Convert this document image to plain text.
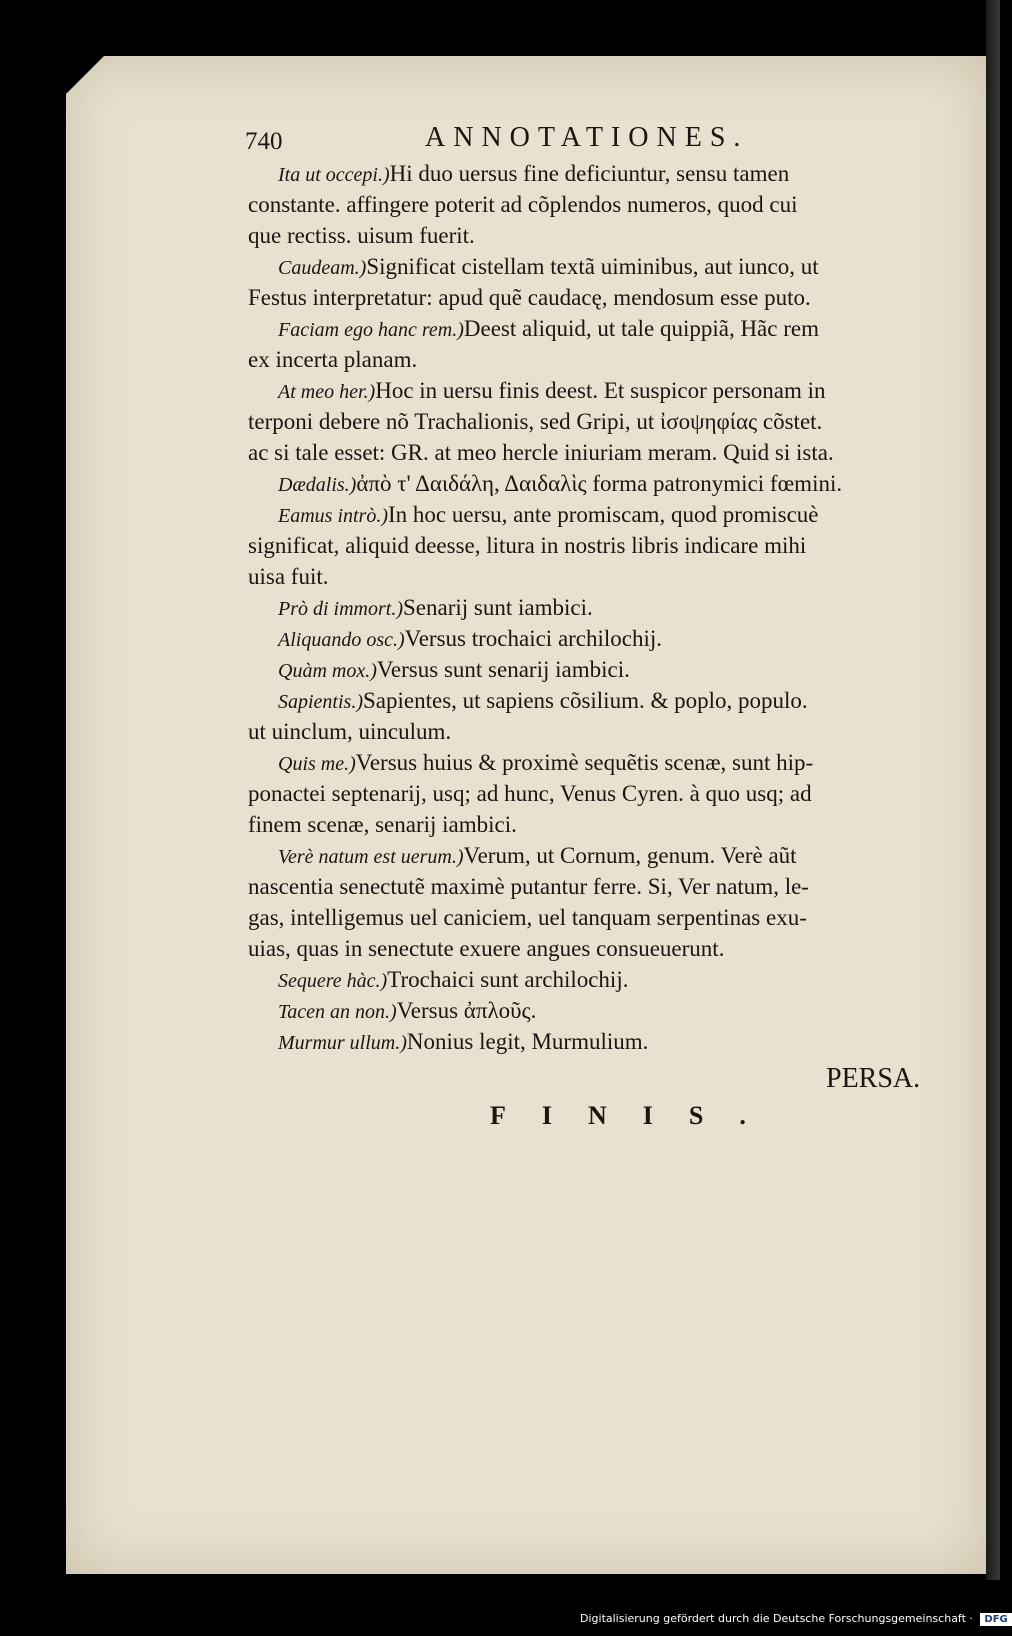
740	ANNOTATIONES.
Ita ut occepi.)Hi duo uersus fine deficiuntur, sensu tamen
constante. affingere poterit ad cõplendos numeros, quod cui
que rectiss. uisum fuerit.
Caudeam.)Significat cistellam textã uiminibus, aut iunco, ut
Festus interpretatur: apud quẽ caudacę, mendosum esse puto.
Faciam ego hanc rem.)Deest aliquid, ut tale quippiã, Hãc rem
ex incerta planam.
At meo her.)Hoc in uersu finis deest. Et suspicor personam in
terponi debere nõ Trachalionis, sed Gripi, ut ἰσοψηφίας cõstet.
ac si tale esset: GR. at meo hercle iniuriam meram. Quid si ista.
Dædalis.)ἀπὸ τ' Δαιδάλη, Δαιδαλὶς forma patronymici fœmini.
Eamus intrò.)In hoc uersu, ante promiscam, quod promiscuè
significat, aliquid deesse, litura in nostris libris indicare mihi
uisa fuit.
Prò di immort.)Senarij sunt iambici.
Aliquando osc.)Versus trochaici archilochij.
Quàm mox.)Versus sunt senarij iambici.
Sapientis.)Sapientes, ut sapiens cõsilium. & poplo, populo.
ut uinclum, uinculum.
Quis me.)Versus huius & proximè sequẽtis scenæ, sunt hip-
ponactei septenarij, usq; ad hunc, Venus Cyren. à quo usq; ad
finem scenæ, senarij iambici.
Verè natum est uerum.)Verum, ut Cornum, genum. Verè aũt
nascentia senectutẽ maximè putantur ferre. Si, Ver natum, le-
gas, intelligemus uel caniciem, uel tanquam serpentinas exu-
uias, quas in senectute exuere angues consueuerunt.
Sequere hàc.)Trochaici sunt archilochij.
Tacen an non.)Versus ἀπλοῦς.
Murmur ullum.)Nonius legit, Murmulium.
PERSA.
FINIS.
Digitalisierung gefördert durch die Deutsche Forschungsgemeinschaft · DFG
